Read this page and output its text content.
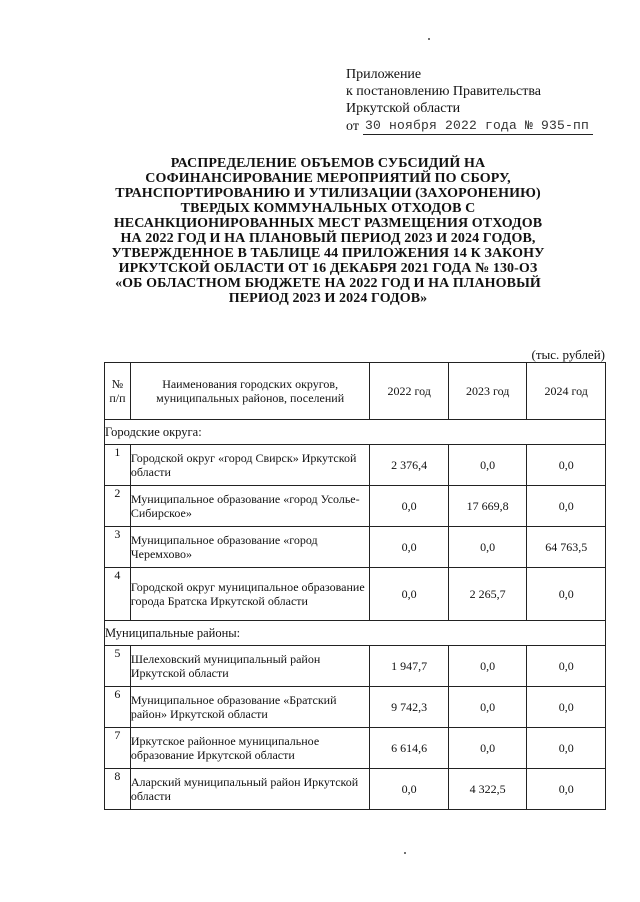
Приложение
к постановлению Правительства
Иркутской области
от 30 ноября 2022 года № 935-пп
РАСПРЕДЕЛЕНИЕ ОБЪЕМОВ СУБСИДИЙ НА
СОФИНАНСИРОВАНИЕ МЕРОПРИЯТИЙ ПО СБОРУ,
ТРАНСПОРТИРОВАНИЮ И УТИЛИЗАЦИИ (ЗАХОРОНЕНИЮ)
ТВЕРДЫХ КОММУНАЛЬНЫХ ОТХОДОВ С
НЕСАНКЦИОНИРОВАННЫХ МЕСТ РАЗМЕЩЕНИЯ ОТХОДОВ
НА 2022 ГОД И НА ПЛАНОВЫЙ ПЕРИОД 2023 И 2024 ГОДОВ,
УТВЕРЖДЕННОЕ В ТАБЛИЦЕ 44 ПРИЛОЖЕНИЯ 14 К ЗАКОНУ
ИРКУТСКОЙ ОБЛАСТИ ОТ 16 ДЕКАБРЯ 2021 ГОДА № 130-ОЗ
«ОБ ОБЛАСТНОМ БЮДЖЕТЕ НА 2022 ГОД И НА ПЛАНОВЫЙ
ПЕРИОД 2023 И 2024 ГОДОВ»
(тыс. рублей)
№
п/п	Наименования городских округов,
муниципальных районов, поселений	2022 год	2023 год	2024 год
Городские округа:				
1	Городской округ «город Свирск» Иркутской области	2 376,4	0,0	0,0
2	Муниципальное образование «город Усолье-Сибирское»	0,0	17 669,8	0,0
3	Муниципальное образование «город Черемхово»	0,0	0,0	64 763,5
4	Городской округ муниципальное образование города Братска Иркутской области	0,0	2 265,7	0,0
Муниципальные районы:				
5	Шелеховский муниципальный район Иркутской области	1 947,7	0,0	0,0
6	Муниципальное образование «Братский район» Иркутской области	9 742,3	0,0	0,0
7	Иркутское районное муниципальное образование Иркутской области	6 614,6	0,0	0,0
8	Аларский муниципальный район Иркутской области	0,0	4 322,5	0,0
